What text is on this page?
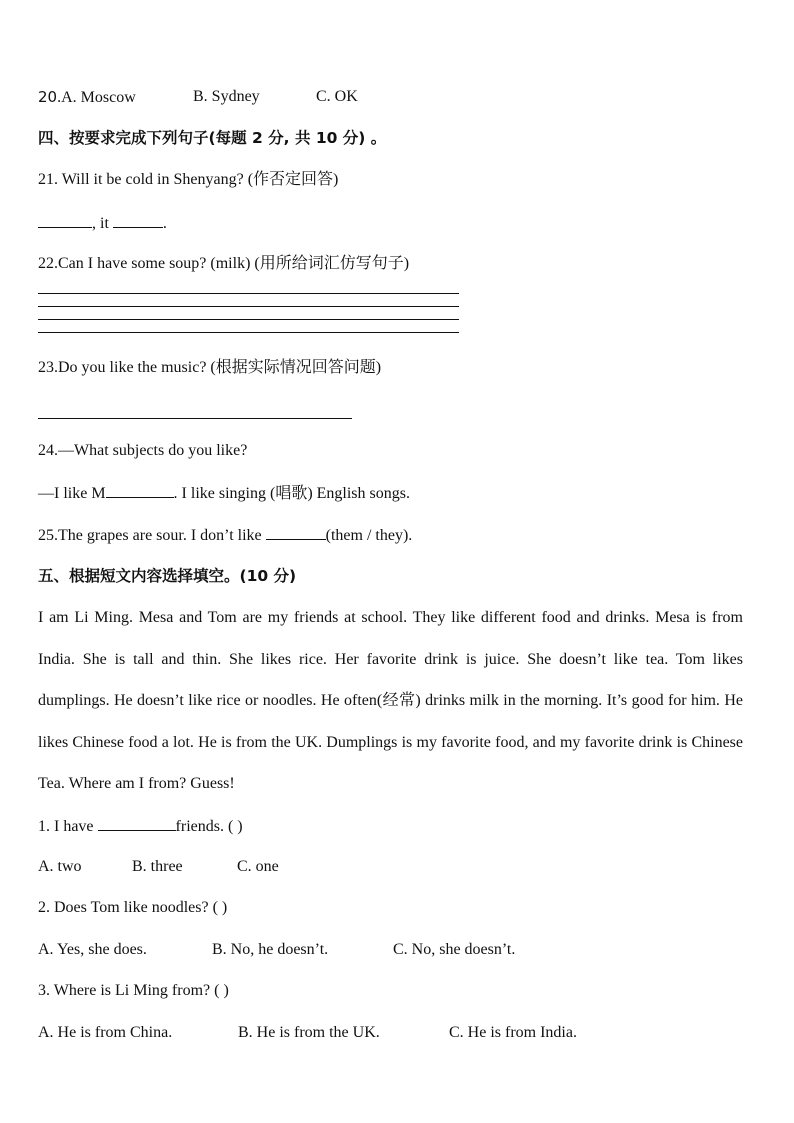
20.A. Moscow	B. Sydney	C. OK
四、按要求完成下列句子(每题 2 分, 共 10 分) 。
21. Will it be cold in Shenyang? (作否定回答)
, it	.
22.Can I have some soup? (milk) (用所给词汇仿写句子)
23.Do you like the music? (根据实际情况回答问题)
24.—What subjects do you like?
—I like M	. I like singing (唱歌) English songs.
25.The grapes are sour. I don’t like	(them / they).
五、根据短文内容选择填空。(10 分)
I am Li Ming. Mesa and Tom are my friends at school. They like different food and drinks. Mesa is from India. She is tall and thin. She likes rice. Her favorite drink is juice. She doesn’t like tea. Tom likes dumplings. He doesn’t like rice or noodles. He often(经常) drinks milk in the morning. It’s good for him. He likes Chinese food a lot. He is from the UK. Dumplings is my favorite food, and my favorite drink is Chinese Tea. Where am I from? Guess!
1. I have	friends. ( )
A. two	B. three	C. one
2. Does Tom like noodles? ( )
A. Yes, she does.	B. No, he doesn’t.	C. No, she doesn’t.
3. Where is Li Ming from? ( )
A. He is from China.	B. He is from the UK.	C. He is from India.
